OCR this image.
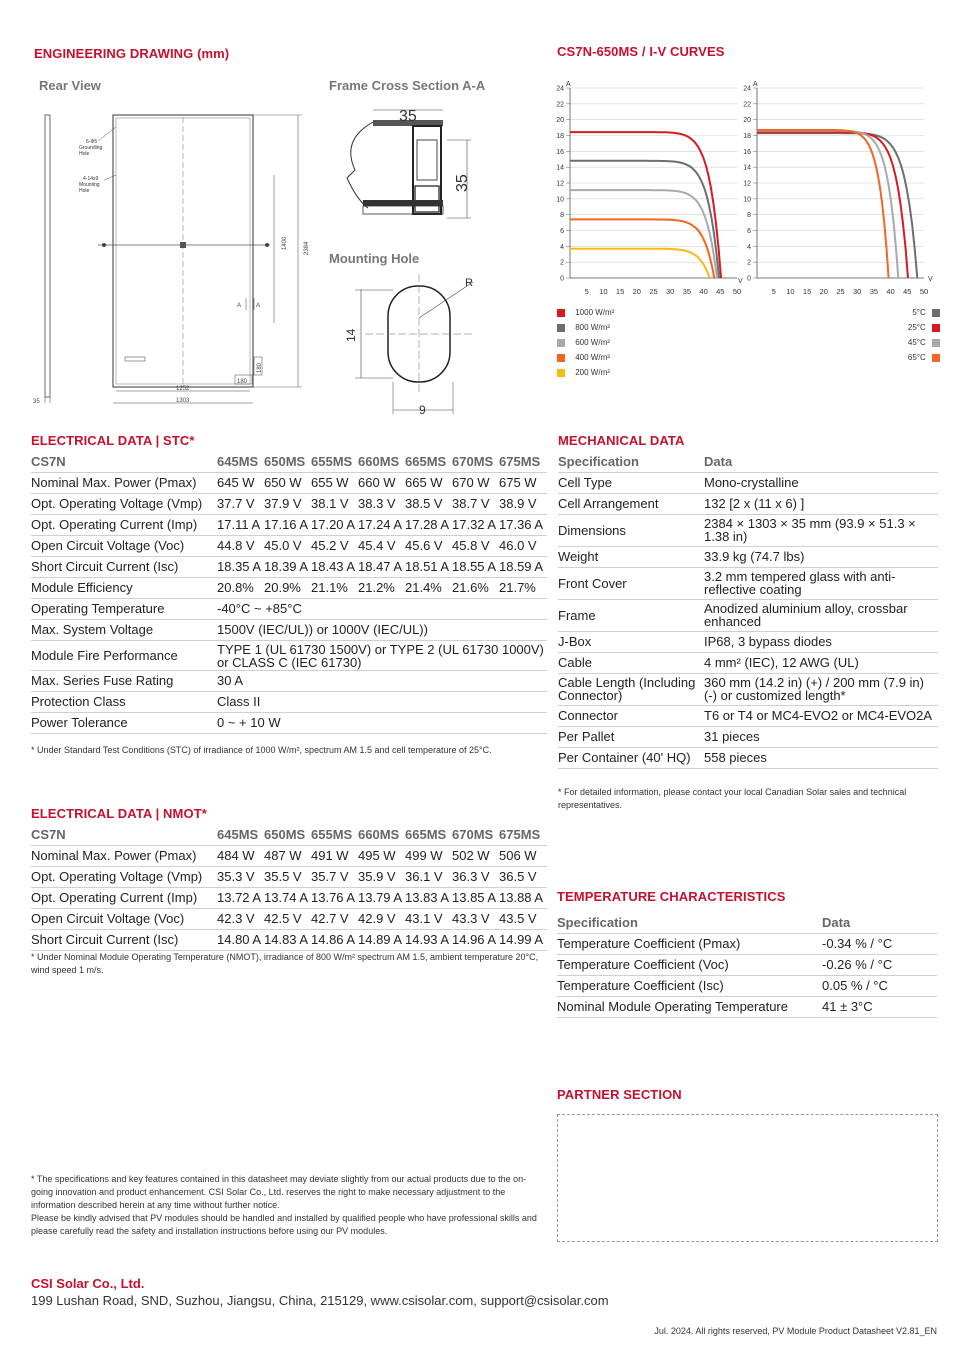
ENGINEERING DRAWING (mm)
Rear View	Frame Cross Section A-A
Mounting Hole
35
6-Φ5
Grounding
Hole
4-14x9
Mounting
Hole
1400	2384
A A
180
180
1252
1303
35
35
R
14
9
CS7N-650MS / I-V CURVES
A
0
2
4
6
8
10
12
14
16
18
20
22
24
5 10 15 20 25 30 35 40 45 50
A
0
2
4
6
8
10
12
14
16
18
20
22
24
5 10 15 20 25 30 35 40 45 50
V	V
1000 W/m²
800 W/m²
600 W/m²
400 W/m²
200 W/m²
5°C
25°C
45°C
65°C
ELECTRICAL DATA | STC*
CS7N	645MS	650MS	655MS	660MS	665MS	670MS	675MS
Nominal Max. Power (Pmax)	645 W	650 W	655 W	660 W	665 W	670 W	675 W
Opt. Operating Voltage (Vmp)	37.7 V	37.9 V	38.1 V	38.3 V	38.5 V	38.7 V	38.9 V
Opt. Operating Current (Imp)	17.11 A	17.16 A	17.20 A	17.24 A	17.28 A	17.32 A	17.36 A
Open Circuit Voltage (Voc)	44.8 V	45.0 V	45.2 V	45.4 V	45.6 V	45.8 V	46.0 V
Short Circuit Current (Isc)	18.35 A	18.39 A	18.43 A	18.47 A	18.51 A	18.55 A	18.59 A
Module Efficiency	20.8%	20.9%	21.1%	21.2%	21.4%	21.6%	21.7%
Operating Temperature	-40°C ~ +85°C						
Max. System Voltage	1500V (IEC/UL)) or 1000V (IEC/UL))						
Module Fire Performance	TYPE 1 (UL 61730 1500V) or TYPE 2 (UL 61730 1000V) or CLASS C (IEC 61730)						
Max. Series Fuse Rating	30 A						
Protection Class	Class II						
Power Tolerance	0 ~ + 10 W						
* Under Standard Test Conditions (STC) of irradiance of 1000 W/m², spectrum AM 1.5 and cell temperature of 25°C.
ELECTRICAL DATA | NMOT*
CS7N	645MS	650MS	655MS	660MS	665MS	670MS	675MS
Nominal Max. Power (Pmax)	484 W	487 W	491 W	495 W	499 W	502 W	506 W
Opt. Operating Voltage (Vmp)	35.3 V	35.5 V	35.7 V	35.9 V	36.1 V	36.3 V	36.5 V
Opt. Operating Current (Imp)	13.72 A	13.74 A	13.76 A	13.79 A	13.83 A	13.85 A	13.88 A
Open Circuit Voltage (Voc)	42.3 V	42.5 V	42.7 V	42.9 V	43.1 V	43.3 V	43.5 V
Short Circuit Current (Isc)	14.80 A	14.83 A	14.86 A	14.89 A	14.93 A	14.96 A	14.99 A
* Under Nominal Module Operating Temperature (NMOT), irradiance of 800 W/m² spectrum AM 1.5, ambient temperature 20°C, wind speed 1 m/s.
MECHANICAL DATA
Specification	Data
Cell Type	Mono-crystalline
Cell Arrangement	132 [2 x (11 x 6) ]
Dimensions	2384 × 1303 × 35 mm (93.9 × 51.3 × 1.38 in)
Weight	33.9 kg (74.7 lbs)
Front Cover	3.2 mm tempered glass with anti-reflective coating
Frame	Anodized aluminium alloy, crossbar enhanced
J-Box	IP68, 3 bypass diodes
Cable	4 mm² (IEC), 12 AWG (UL)
Cable Length (Including Connector)	360 mm (14.2 in) (+) / 200 mm (7.9 in) (-) or customized length*
Connector	T6 or T4 or MC4-EVO2 or MC4-EVO2A
Per Pallet	31 pieces
Per Container (40' HQ)	558 pieces
* For detailed information, please contact your local Canadian Solar sales and technical representatives.
TEMPERATURE CHARACTERISTICS
Specification	Data
Temperature Coefficient (Pmax)	-0.34 % / °C
Temperature Coefficient (Voc)	-0.26 % / °C
Temperature Coefficient (Isc)	0.05 % / °C
Nominal Module Operating Temperature	41 ± 3°C
PARTNER SECTION
* The specifications and key features contained in this datasheet may deviate slightly from our actual products due to the on-going innovation and product enhancement. CSI Solar Co., Ltd. reserves the right to make necessary adjustment to the information described herein at any time without further notice.
Please be kindly advised that PV modules should be handled and installed by qualified people who have professional skills and please carefully read the safety and installation instructions before using our PV modules.
CSI Solar Co., Ltd.
199 Lushan Road, SND, Suzhou, Jiangsu, China, 215129, www.csisolar.com, support@csisolar.com
Jul. 2024. All rights reserved, PV Module Product Datasheet V2.81_EN
